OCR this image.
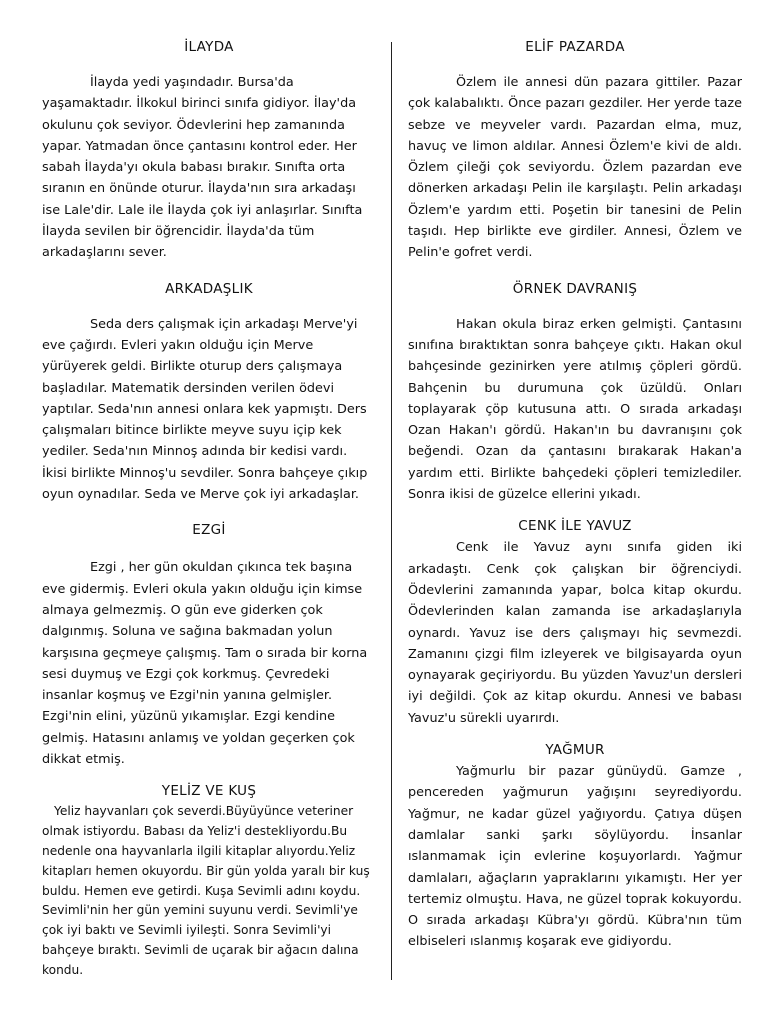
İLAYDA

İlayda yedi yaşındadır. Bursa'da yaşamaktadır. İlkokul birinci sınıfa gidiyor. İlay'da okulunu çok seviyor. Ödevlerini hep zamanında yapar. Yatmadan önce çantasını kontrol eder. Her sabah İlayda'yı okula babası bırakır. Sınıfta orta sıranın en önünde oturur. İlayda'nın sıra arkadaşı ise Lale'dir. Lale ile İlayda çok iyi anlaşırlar. Sınıfta İlayda sevilen bir öğrencidir. İlayda'da tüm arkadaşlarını sever.

ARKADAŞLIK

Seda ders çalışmak için arkadaşı Merve'yi eve çağırdı. Evleri yakın olduğu için Merve yürüyerek geldi. Birlikte oturup ders çalışmaya başladılar. Matematik dersinden verilen ödevi yaptılar. Seda'nın annesi onlara kek yapmıştı. Ders çalışmaları bitince birlikte meyve suyu içip kek yediler. Seda'nın Minnoş adında bir kedisi vardı. İkisi birlikte Minnoş'u sevdiler. Sonra bahçeye çıkıp oyun oynadılar. Seda ve Merve çok iyi arkadaşlar.

EZGİ

Ezgi , her gün okuldan çıkınca tek başına eve gidermiş. Evleri okula yakın olduğu için kimse almaya gelmezmiş. O gün eve giderken çok dalgınmış. Soluna ve sağına bakmadan yolun karşısına geçmeye çalışmış. Tam o sırada bir korna sesi duymuş ve Ezgi çok korkmuş. Çevredeki insanlar koşmuş ve Ezgi'nin yanına gelmişler. Ezgi'nin elini, yüzünü yıkamışlar. Ezgi kendine gelmiş. Hatasını anlamış ve yoldan geçerken çok dikkat etmiş.

YELİZ VE KUŞ

Yeliz hayvanları çok severdi.Büyüyünce veteriner olmak istiyordu. Babası da Yeliz'i destekliyordu.Bu nedenle ona hayvanlarla ilgili kitaplar alıyordu.Yeliz kitapları hemen okuyordu. Bir gün yolda yaralı bir kuş buldu. Hemen eve getirdi. Kuşa Sevimli adını koydu. Sevimli'nin her gün yemini suyunu verdi. Sevimli'ye çok iyi baktı ve Sevimli iyileşti. Sonra Sevimli'yi bahçeye bıraktı. Sevimli de uçarak bir ağacın dalına kondu.

ELİF PAZARDA

Özlem ile annesi dün pazara gittiler. Pazar çok kalabalıktı. Önce pazarı gezdiler. Her yerde taze sebze ve meyveler vardı. Pazardan elma, muz, havuç ve limon aldılar. Annesi Özlem'e kivi de aldı. Özlem çileği çok seviyordu. Özlem pazardan eve dönerken arkadaşı Pelin ile karşılaştı. Pelin arkadaşı Özlem'e yardım etti. Poşetin bir tanesini de Pelin taşıdı. Hep birlikte eve girdiler. Annesi, Özlem ve Pelin'e gofret verdi.

ÖRNEK DAVRANIŞ

Hakan okula biraz erken gelmişti. Çantasını sınıfına bıraktıktan sonra bahçeye çıktı. Hakan okul bahçesinde gezinirken yere atılmış çöpleri gördü. Bahçenin bu durumuna çok üzüldü. Onları toplayarak çöp kutusuna attı. O sırada arkadaşı Ozan Hakan'ı gördü. Hakan'ın bu davranışını çok beğendi. Ozan da çantasını bırakarak Hakan'a yardım etti. Birlikte bahçedeki çöpleri temizlediler. Sonra ikisi de güzelce ellerini yıkadı.

CENK İLE YAVUZ

Cenk ile Yavuz aynı sınıfa giden iki arkadaştı. Cenk çok çalışkan bir öğrenciydi. Ödevlerini zamanında yapar, bolca kitap okurdu. Ödevlerinden kalan zamanda ise arkadaşlarıyla oynardı. Yavuz ise ders çalışmayı hiç sevmezdi. Zamanını çizgi film izleyerek ve bilgisayarda oyun oynayarak geçiriyordu. Bu yüzden Yavuz'un dersleri iyi değildi. Çok az kitap okurdu. Annesi ve babası Yavuz'u sürekli uyarırdı.

YAĞMUR

Yağmurlu bir pazar günüydü. Gamze , pencereden yağmurun yağışını seyrediyordu. Yağmur, ne kadar güzel yağıyordu. Çatıya düşen damlalar sanki şarkı söylüyordu. İnsanlar ıslanmamak için evlerine koşuyorlardı. Yağmur damlaları, ağaçların yapraklarını yıkamıştı. Her yer tertemiz olmuştu. Hava, ne güzel toprak kokuyordu. O sırada arkadaşı Kübra'yı gördü. Kübra'nın tüm elbiseleri ıslanmış koşarak eve gidiyordu.
